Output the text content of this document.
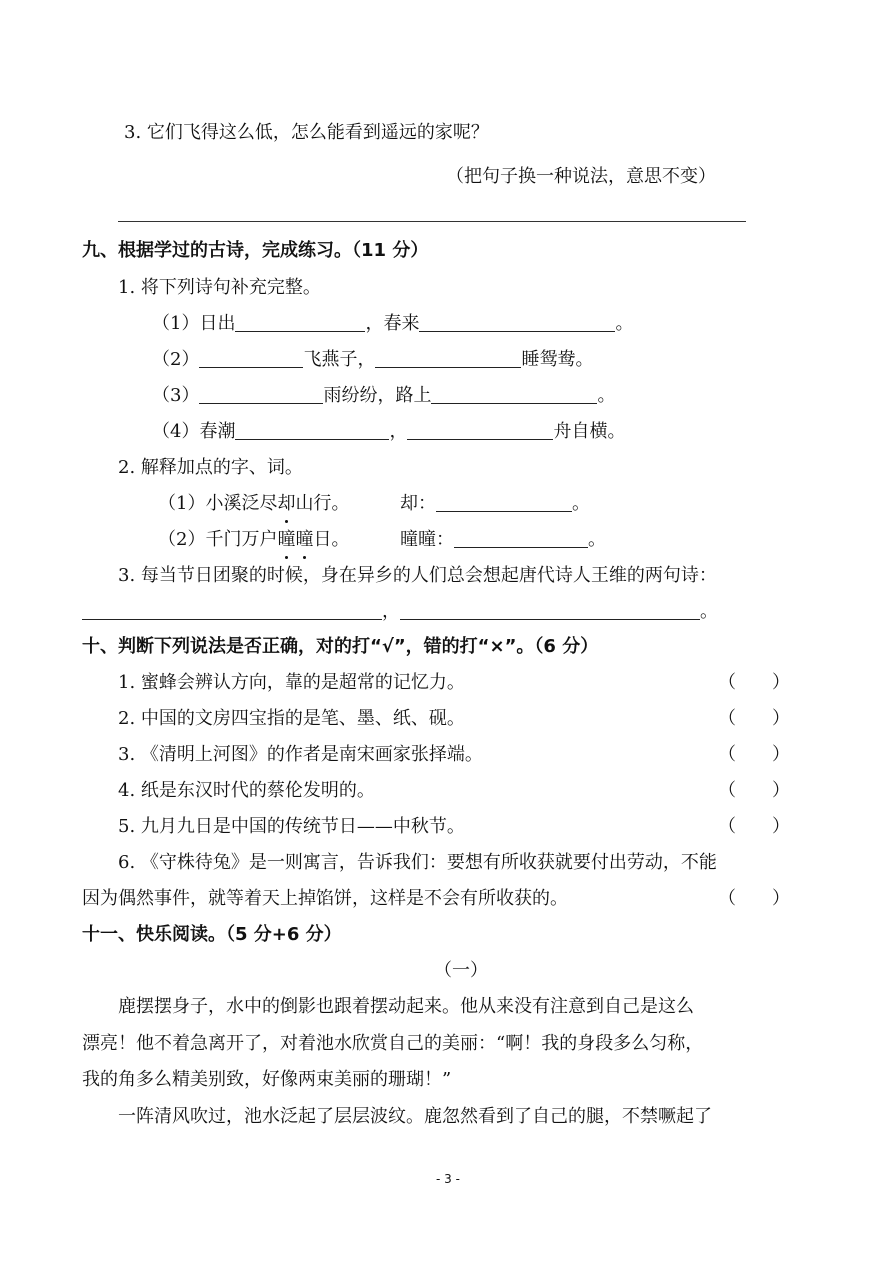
3. 它们飞得这么低，怎么能看到遥远的家呢？
（把句子换一种说法，意思不变）
九、根据学过的古诗，完成练习。（11 分）
1. 将下列诗句补充完整。
（1）日出	，春来	。
（2）	飞燕子，	睡鸳鸯。
（3）	雨纷纷，路上	。
（4）春潮	，	舟自横。
2. 解释加点的字、词。
（1）小溪泛尽却山行。	却：	。
（2）千门万户曈曈日。	曈曈：	。
3. 每当节日团聚的时候，身在异乡的人们总会想起唐代诗人王维的两句诗：
，	。
十、判断下列说法是否正确，对的打“√”，错的打“×”。（6 分）
1. 蜜蜂会辨认方向，靠的是超常的记忆力。	（　　）
2. 中国的文房四宝指的是笔、墨、纸、砚。	（　　）
3. 《清明上河图》的作者是南宋画家张择端。	（　　）
4. 纸是东汉时代的蔡伦发明的。	（　　）
5. 九月九日是中国的传统节日——中秋节。	（　　）
6. 《守株待兔》是一则寓言，告诉我们：要想有所收获就要付出劳动，不能
因为偶然事件，就等着天上掉馅饼，这样是不会有所收获的。	（　　）
十一、快乐阅读。（5 分+6 分）
（一）
鹿摆摆身子，水中的倒影也跟着摆动起来。他从来没有注意到自己是这么
漂亮！他不着急离开了，对着池水欣赏自己的美丽：“啊！我的身段多么匀称，
我的角多么精美别致，好像两束美丽的珊瑚！”
一阵清风吹过，池水泛起了层层波纹。鹿忽然看到了自己的腿，不禁噘起了
- 3 -
